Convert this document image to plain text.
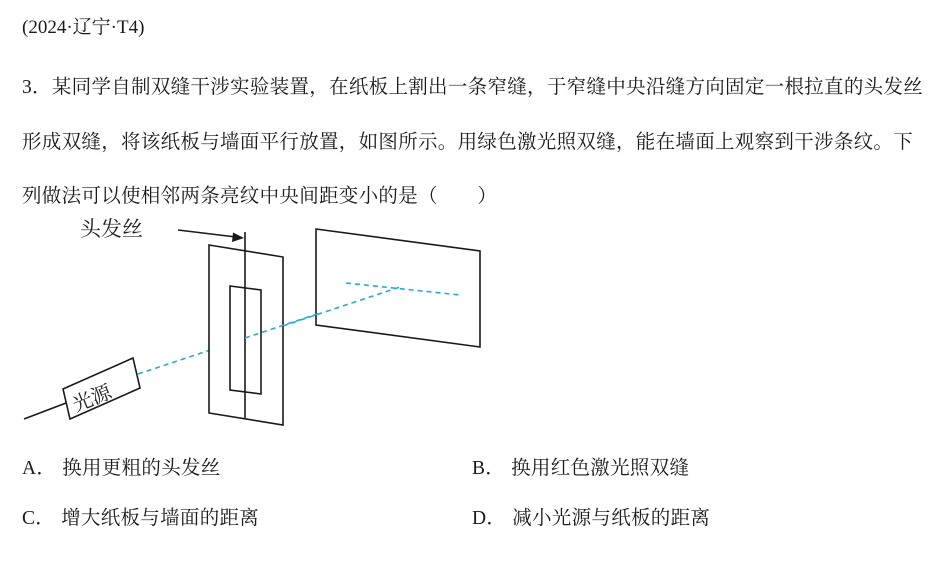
(2024·辽宁·T4)
3．某同学自制双缝干涉实验装置，在纸板上割出一条窄缝，于窄缝中央沿缝方向固定一根拉直的头发丝形成双缝，将该纸板与墙面平行放置，如图所示。用绿色激光照双缝，能在墙面上观察到干涉条纹。下列做法可以使相邻两条亮纹中央间距变小的是（　　）
头发丝
光源
A． 换用更粗的头发丝	B． 换用红色激光照双缝
C． 增大纸板与墙面的距离	D． 减小光源与纸板的距离
